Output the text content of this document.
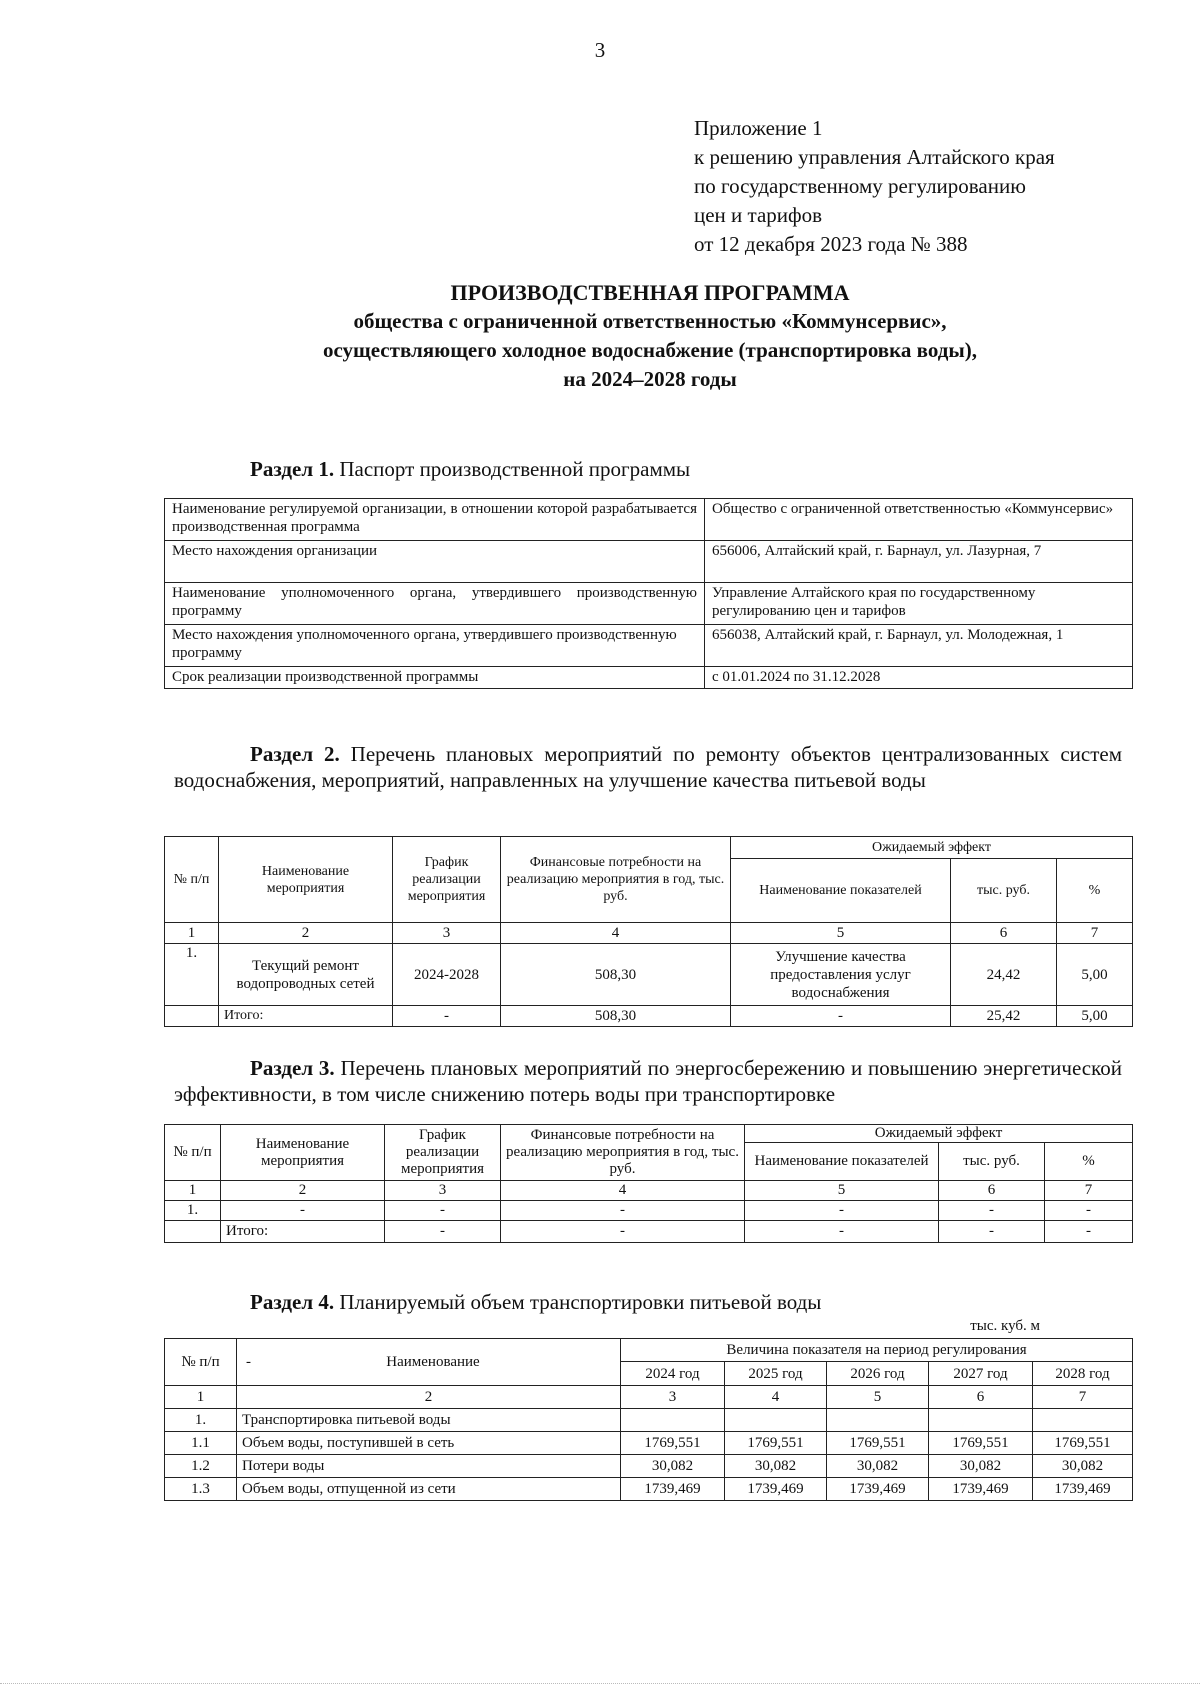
3
Приложение 1
к решению управления Алтайского края
по государственному регулированию
цен и тарифов
от 12 декабря 2023 года № 388
ПРОИЗВОДСТВЕННАЯ ПРОГРАММА
общества с ограниченной ответственностью «Коммунсервис»,
осуществляющего холодное водоснабжение (транспортировка воды),
на 2024–2028 годы
Раздел 1. Паспорт производственной программы
Наименование регулируемой организации, в отношении которой разрабатывается производственная программа	Общество с ограниченной ответственностью «Коммунсервис»
Место нахождения организации	656006, Алтайский край, г. Барнаул, ул. Лазурная, 7
Наименование уполномоченного органа, утвердившего производственную программу	Управление Алтайского края по государственному регулированию цен и тарифов
Место нахождения уполномоченного органа, утвердившего производственную программу	656038, Алтайский край, г. Барнаул, ул. Молодежная, 1
Срок реализации производственной программы	с 01.01.2024 по 31.12.2028
Раздел 2. Перечень плановых мероприятий по ремонту объектов централизованных систем водоснабжения, мероприятий, направленных на улучшение качества питьевой воды
№ п/п	Наименование мероприятия	График реализации мероприятия	Финансовые потребности на реализацию мероприятия в год, тыс. руб.	Ожидаемый эффект		
				Наименование показателей	тыс. руб.	%
1	2	3	4	5	6	7
1.	Текущий ремонт водопроводных сетей	2024-2028	508,30	Улучшение качества предоставления услуг водоснабжения	24,42	5,00
	Итого:	-	508,30	-	25,42	5,00
Раздел 3. Перечень плановых мероприятий по энергосбережению и повышению энергетической эффективности, в том числе снижению потерь воды при транспортировке
№ п/п	Наименование мероприятия	График реализации мероприятия	Финансовые потребности на реализацию мероприятия в год, тыс. руб.	Ожидаемый эффект		
				Наименование показателей	тыс. руб.	%
1	2	3	4	5	6	7
1.	-	-	-	-	-	-
	Итого:	-	-	-	-	-
Раздел 4. Планируемый объем транспортировки питьевой воды
тыс. куб. м
№ п/п	- Наименование	Величина показателя на период регулирования				
		2024 год	2025 год	2026 год	2027 год	2028 год
1	2	3	4	5	6	7
1.	Транспортировка питьевой воды					
1.1	Объем воды, поступившей в сеть	1769,551	1769,551	1769,551	1769,551	1769,551
1.2	Потери воды	30,082	30,082	30,082	30,082	30,082
1.3	Объем воды, отпущенной из сети	1739,469	1739,469	1739,469	1739,469	1739,469
